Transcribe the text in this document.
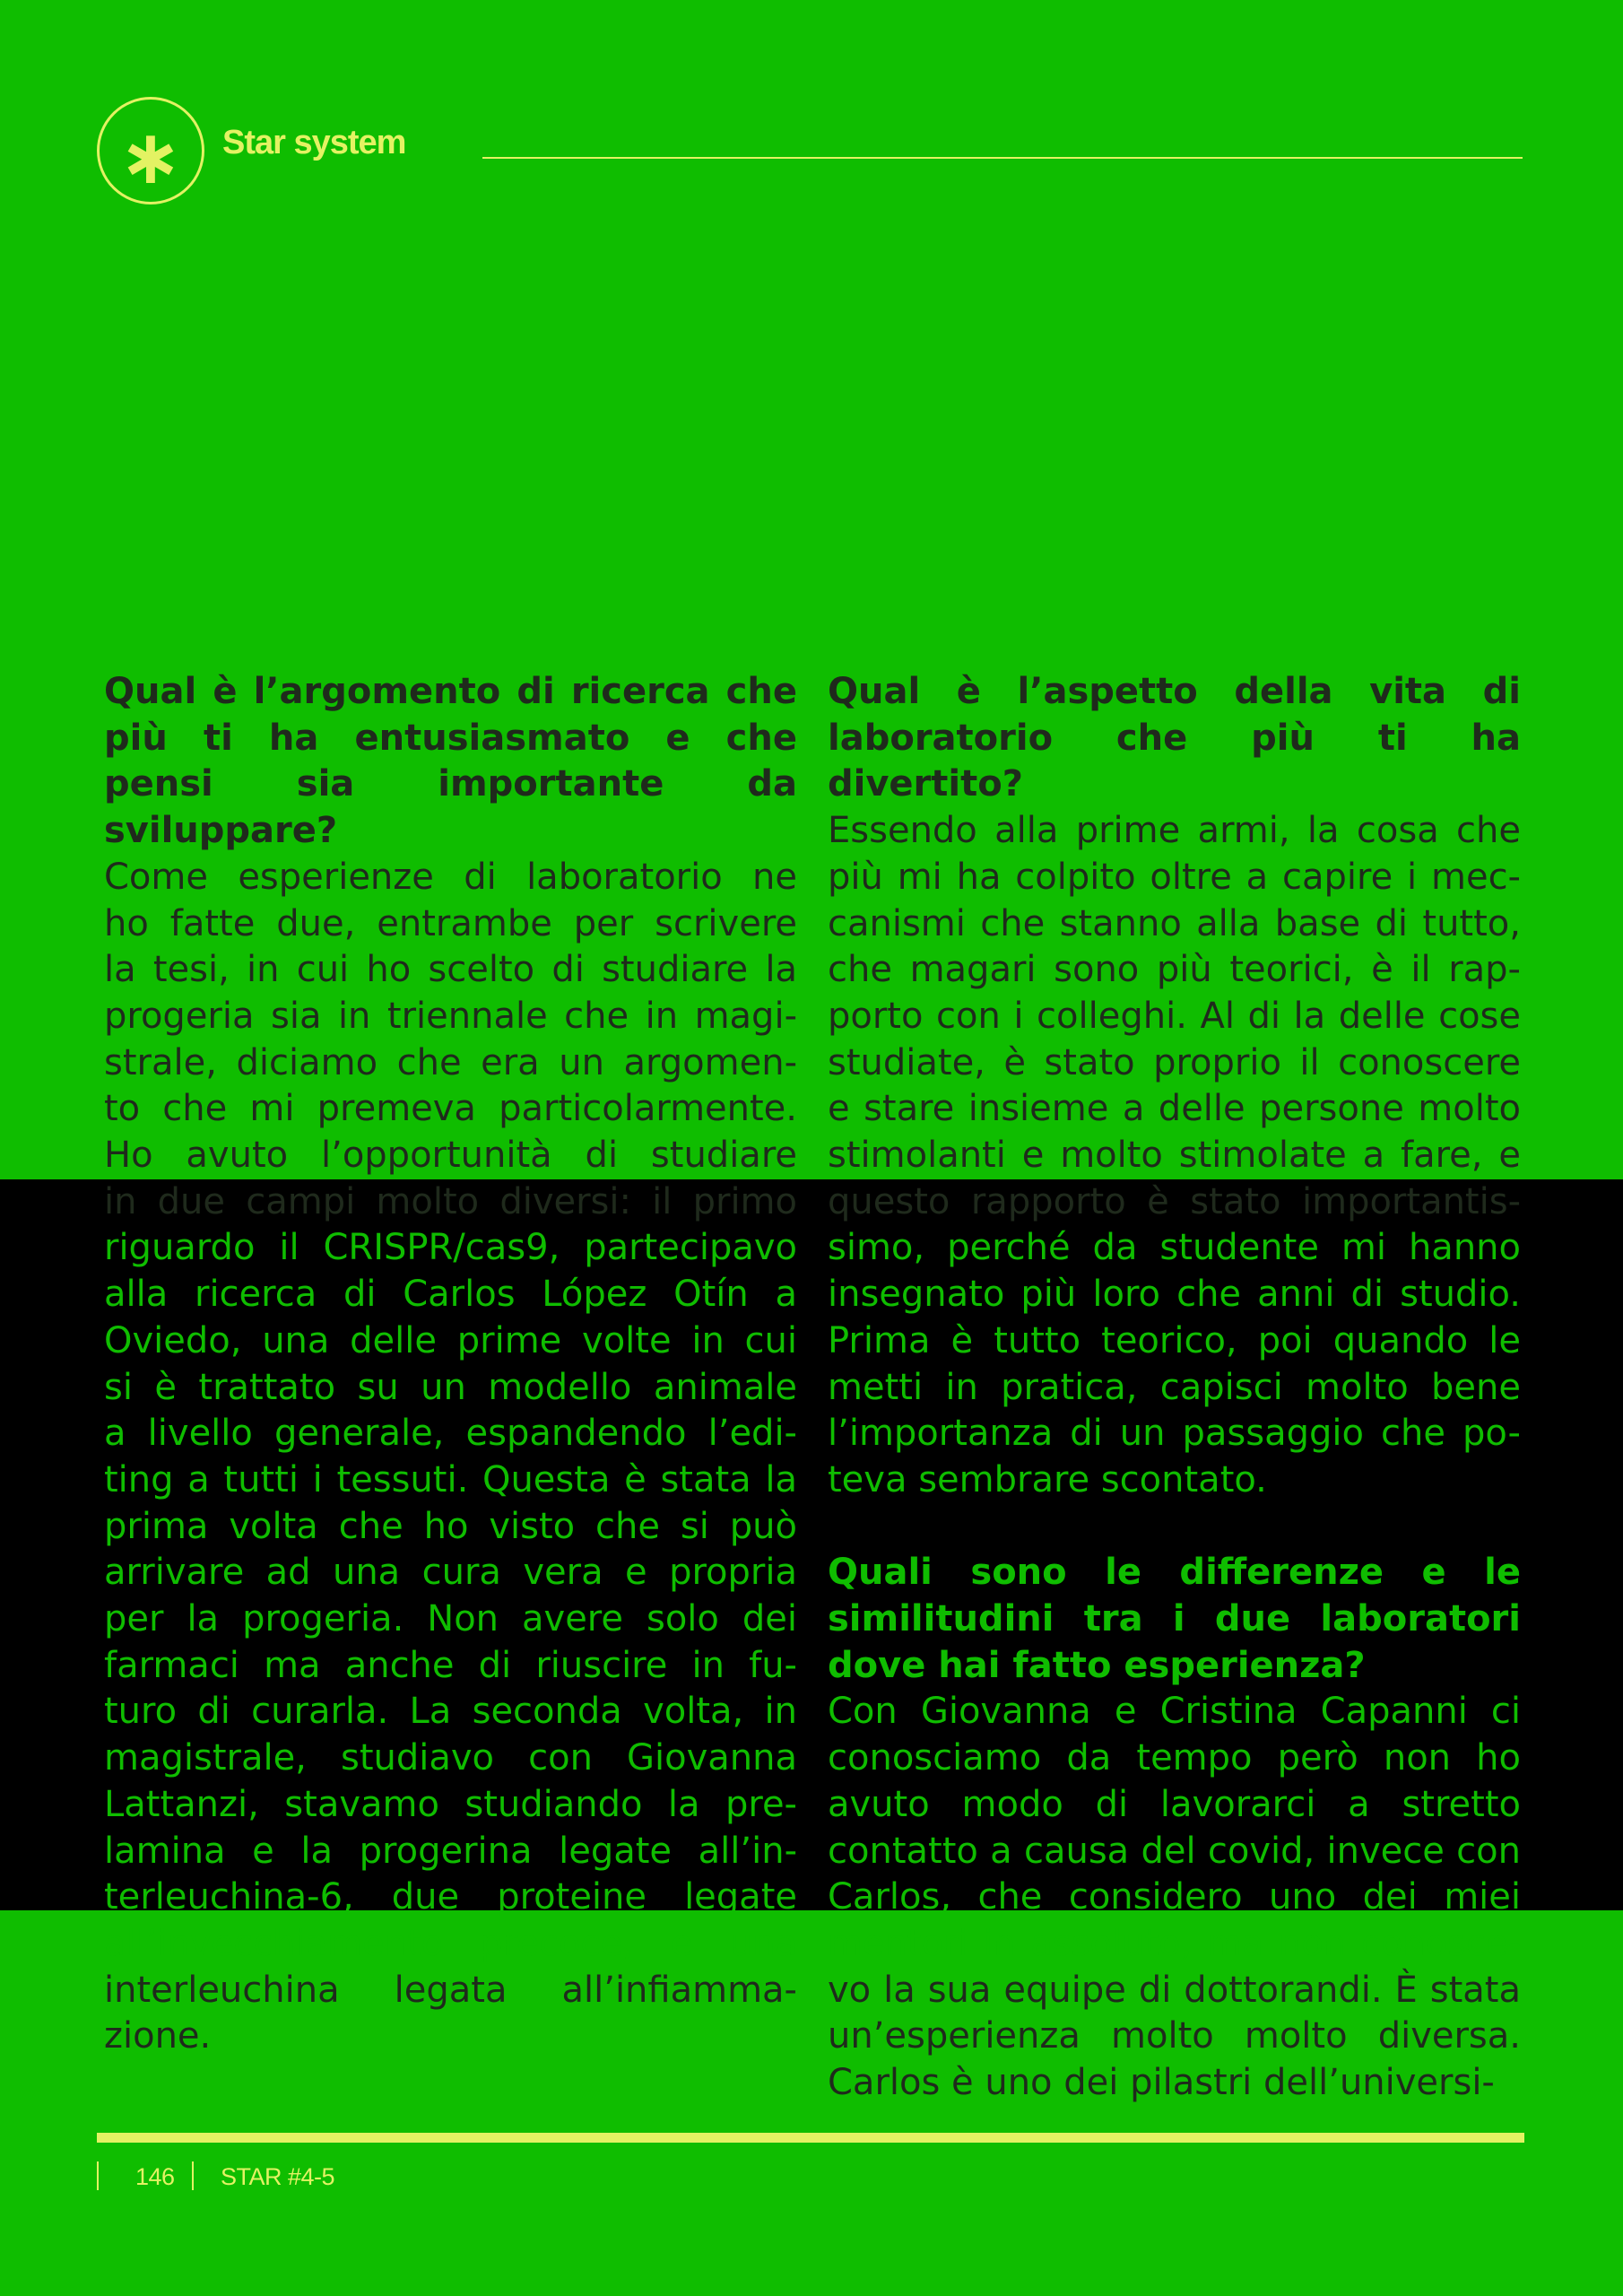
∗	Star system

Qual è l’argomento di ricerca che più ti ha entusiasmato e che pensi sia importante da sviluppare?

Come esperienze di laboratorio ne
ho fatte due, entrambe per scrivere
la tesi, in cui ho scelto di studiare la
progeria sia in triennale che in magi-
strale, diciamo che era un argomen-
to che mi premeva particolarmente.
Ho avuto l’opportunità di studiare
in due campi molto diversi: il primo
riguardo il CRISPR/cas9, partecipavo
alla ricerca di Carlos López Otín a
Oviedo, una delle prime volte in cui
si è trattato su un modello animale
a livello generale, espandendo l’edi-
ting a tutti i tessuti. Questa è stata la
prima volta che ho visto che si può
arrivare ad una cura vera e propria
per la progeria. Non avere solo dei
farmaci ma anche di riuscire in fu-
turo di curarla. La seconda volta, in
magistrale, studiavo con Giovanna
Lattanzi, stavamo studiando la pre-
lamina e la progerina legate all’in-
terleuchina-6, due proteine legate
all’invecchiamento precoce, e una
interleuchina legata all’infiamma-
zione.

Qual è l’aspetto della vita di laboratorio che più ti ha divertito?

Essendo alla prime armi, la cosa che
più mi ha colpito oltre a capire i mec-
canismi che stanno alla base di tutto,
che magari sono più teorici, è il rap-
porto con i colleghi. Al di la delle cose
studiate, è stato proprio il conoscere
e stare insieme a delle persone molto
stimolanti e molto stimolate a fare, e
questo rapporto è stato importantis-
simo, perché da studente mi hanno
insegnato più loro che anni di studio.
Prima è tutto teorico, poi quando le
metti in pratica, capisci molto bene
l’importanza di un passaggio che po-
teva sembrare scontato.

Quali sono le differenze e le similitudini tra i due laboratori dove hai fatto esperienza?

Con Giovanna e Cristina Capanni ci
conosciamo da tempo però non ho
avuto modo di lavorarci a stretto
contatto a causa del covid, invece con
Carlos, che considero uno dei miei
mentori in assoluto, ma non conosce-
vo la sua equipe di dottorandi. È stata
un’esperienza molto molto diversa.
Carlos è uno dei pilastri dell’universi-
146 STAR #4-5
